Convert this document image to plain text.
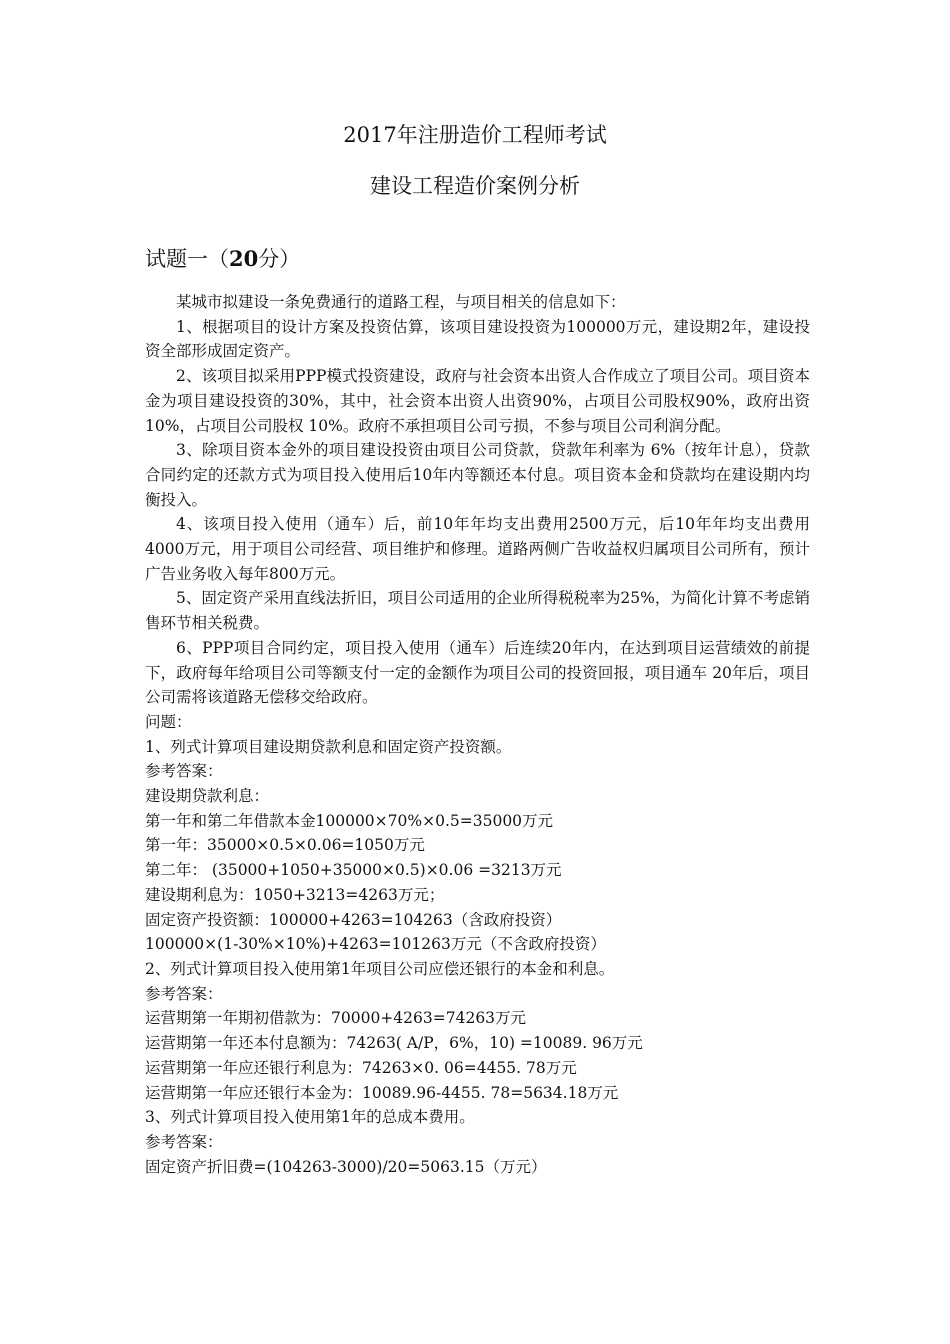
2017年注册造价工程师考试
建设工程造价案例分析
试题一（20分）

某城市拟建设一条免费通行的道路工程，与项目相关的信息如下：

1、根据项目的设计方案及投资估算，该项目建设投资为100000万元，建设期2年，建设投资全部形成固定资产。

2、该项目拟采用PPP模式投资建设，政府与社会资本出资人合作成立了项目公司。项目资本金为项目建设投资的30%，其中，社会资本出资人出资90%，占项目公司股权90%，政府出资 10%，占项目公司股权 10%。政府不承担项目公司亏损，不参与项目公司利润分配。

3、除项目资本金外的项目建设投资由项目公司贷款，贷款年利率为 6%（按年计息），贷款合同约定的还款方式为项目投入使用后10年内等额还本付息。项目资本金和贷款均在建设期内均衡投入。

4、该项目投入使用（通车）后，前10年年均支出费用2500万元，后10年年均支出费用4000万元，用于项目公司经营、项目维护和修理。道路两侧广告收益权归属项目公司所有，预计广告业务收入每年800万元。

5、固定资产采用直线法折旧，项目公司适用的企业所得税税率为25%，为简化计算不考虑销售环节相关税费。

6、PPP项目合同约定，项目投入使用（通车）后连续20年内，在达到项目运营绩效的前提下，政府每年给项目公司等额支付一定的金额作为项目公司的投资回报，项目通车 20年后，项目公司需将该道路无偿移交给政府。

问题：

1、列式计算项目建设期贷款利息和固定资产投资额。

参考答案：

建设期贷款利息：

第一年和第二年借款本金100000×70%×0.5=35000万元

第一年：35000×0.5×0.06=1050万元

第二年： (35000+1050+35000×0.5)×0.06 =3213万元

建设期利息为：1050+3213=4263万元；

固定资产投资额：100000+4263=104263（含政府投资）

100000×(1-30%×10%)+4263=101263万元（不含政府投资）

2、列式计算项目投入使用第1年项目公司应偿还银行的本金和利息。

参考答案：

运营期第一年期初借款为：70000+4263=74263万元

运营期第一年还本付息额为：74263( A/P，6%，10) =10089. 96万元

运营期第一年应还银行利息为：74263×0. 06=4455. 78万元

运营期第一年应还银行本金为：10089.96-4455. 78=5634.18万元

3、列式计算项目投入使用第1年的总成本费用。

参考答案：

固定资产折旧费=(104263-3000)/20=5063.15（万元）
